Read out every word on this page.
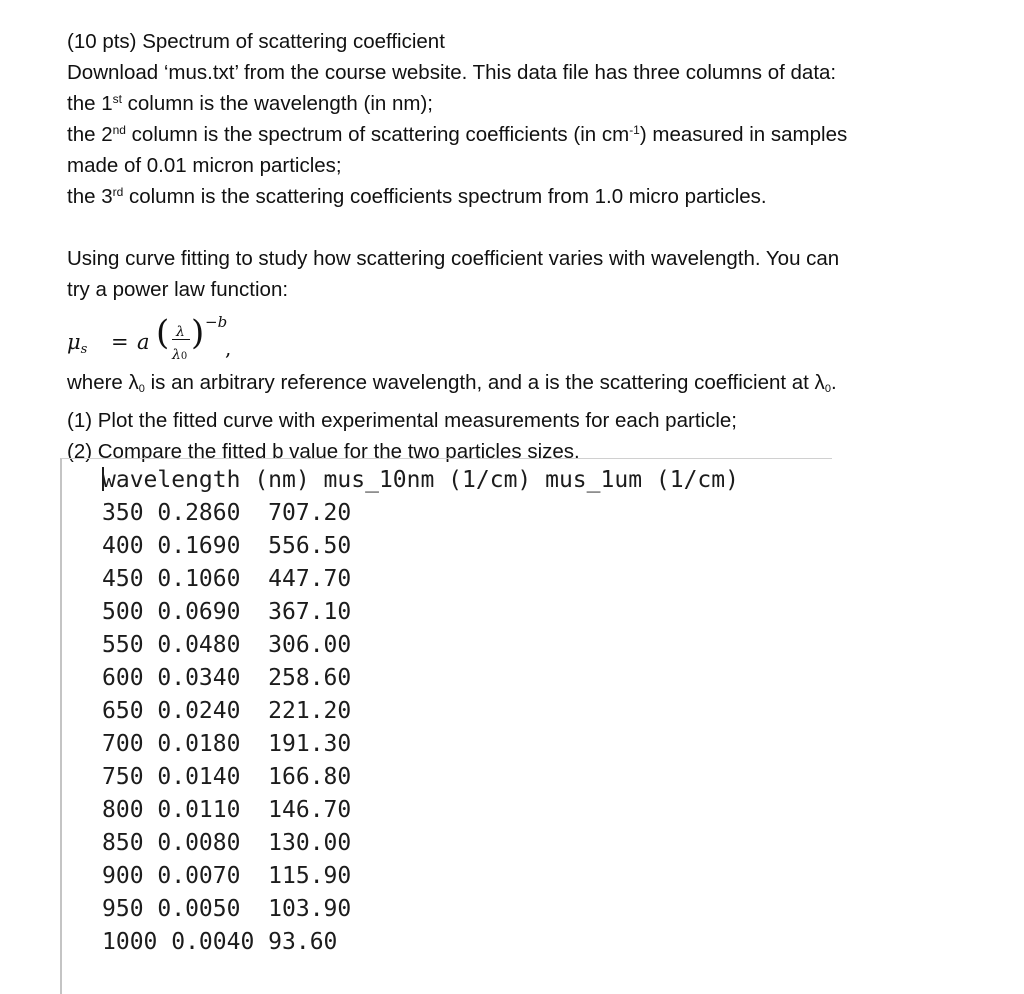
(10 pts) Spectrum of scattering coefficient
Download ‘mus.txt’ from the course website. This data file has three columns of data:
the 1st column is the wavelength (in nm);
the 2nd column is the spectrum of scattering coefficients (in $cm^{-1}$) measured in samples
made of 0.01 micron particles;
the 3rd column is the scattering coefficients spectrum from 1.0 micro particles.
Using curve fitting to study how scattering coefficient varies with wavelength. You can
try a power law function:
μs = a ( λ
λ0
) −b
,
where λ0 is an arbitrary reference wavelength, and a is the scattering coefficient at λ0.
(1) Plot the fitted curve with experimental measurements for each particle;
(2) Compare the fitted b value for the two particles sizes.
wavelength (nm) mus_10nm (1/cm) mus_1um (1/cm)
350 0.2860  707.20
400 0.1690  556.50
450 0.1060  447.70
500 0.0690  367.10
550 0.0480  306.00
600 0.0340  258.60
650 0.0240  221.20
700 0.0180  191.30
750 0.0140  166.80
800 0.0110  146.70
850 0.0080  130.00
900 0.0070  115.90
950 0.0050  103.90
1000 0.0040 93.60
